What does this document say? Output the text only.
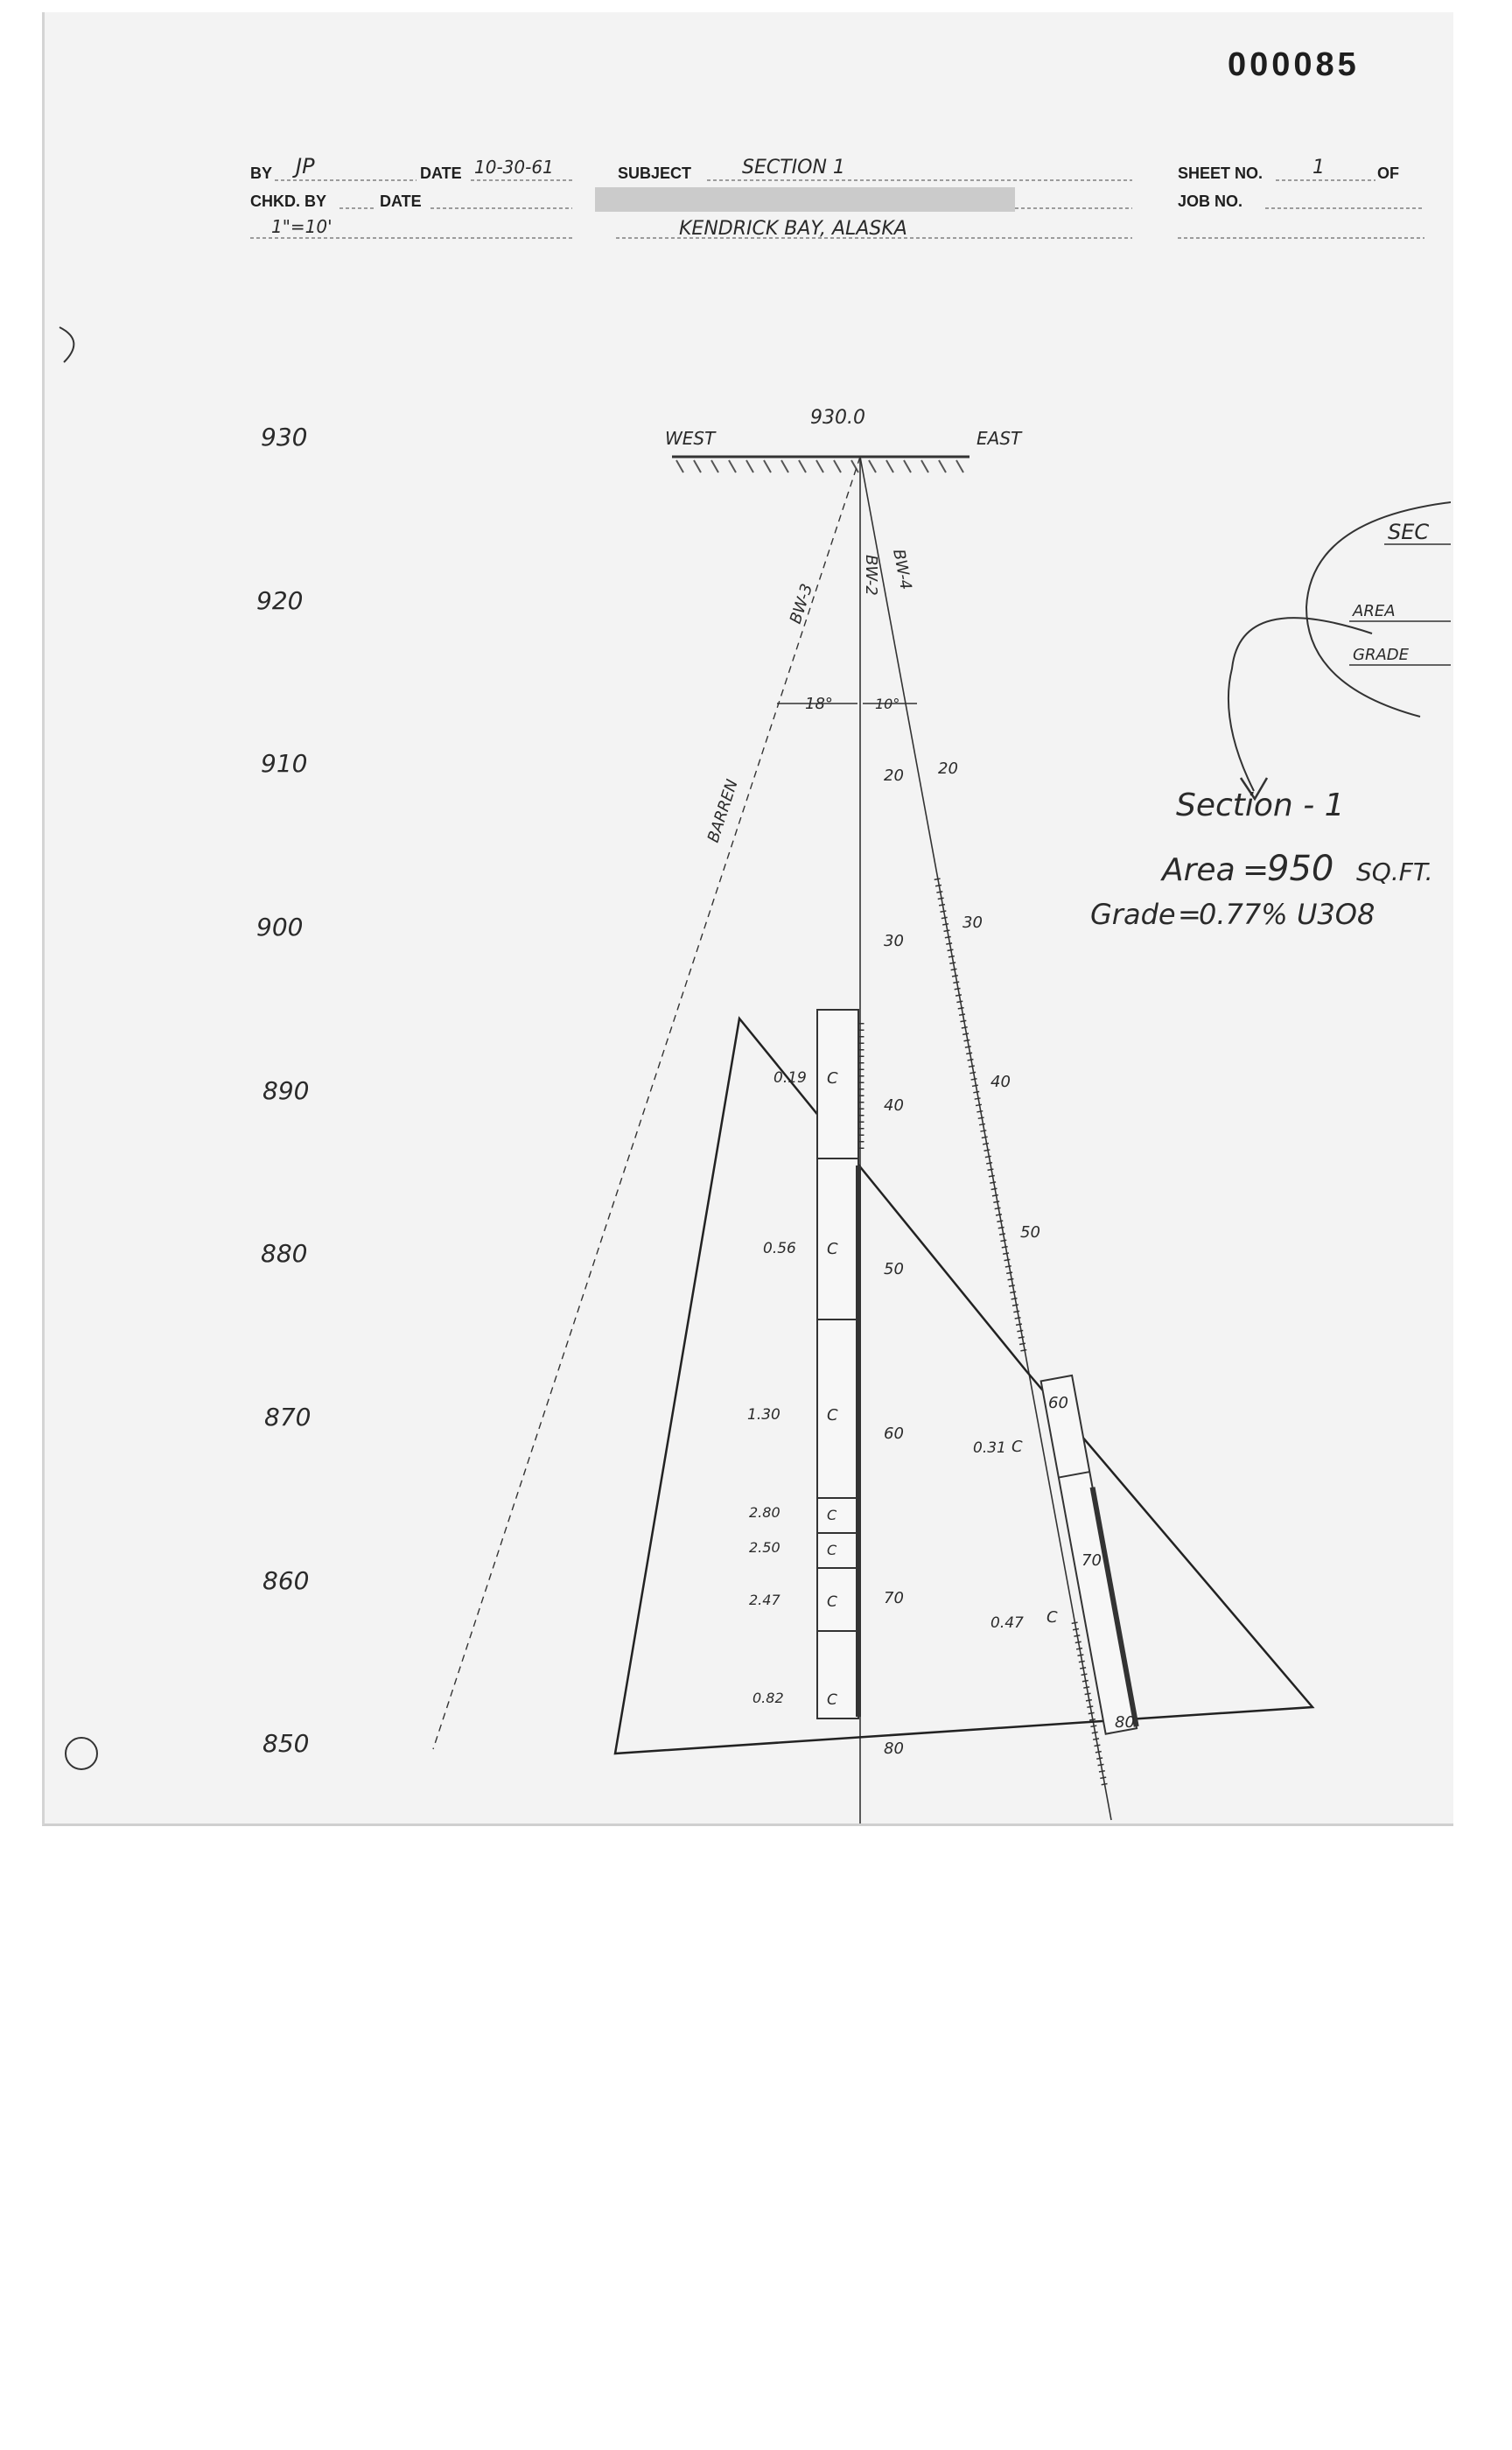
000085
BY JP	DATE 10-30-61	SUBJECT	SECTION 1	SHEET NO.	1	OF
CHKD. BY	DATE	JOB NO.
1"=10'	KENDRICK BAY, ALASKA
930
920
910
900
890
880
870
860
850
930.0
WEST	EAST
BW-3
BW-2 BW-4
BARREN
18°	10°
0.19 C
0.56 C
1.30	C
2.80	C
2.50	C
2.47	C
0.82	C
20
30
40
50
60
70
80
0.31 C
0.47 C
20
30
40
50
60
70
80
SEC
AREA
GRADE
Section - 1
Area =
950 SQ.FT.
Grade =
0.77% U3O8
